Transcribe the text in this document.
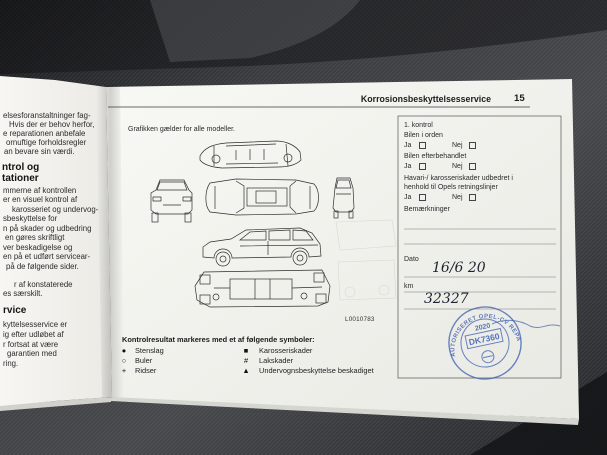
AUTORISERET OPEL-CV REPARATØR
2020
DK7360
elsesforanstaltninger fag-
Hvis der er behov herfor,
e reparationen anbefale
ornuftige forholdsregler
an bevare sin værdi.
ntrol og
tationer
mmerne af kontrollen
er en visuel kontrol af
karosseriet og undervog-
sbeskyttelse for
n på skader og udbedring
en gøres skriftligt
ver beskadigelse og
en på et udført servicear-
på de følgende sider.
r af konstaterede
es særskilt.
rvice
kyttelsesservice er
ig efter udløbet af
r fortsat at være
garantien med
ring.
Korrosionsbeskyttelsesservice 15
Grafikken gælder for alle modeller.
L0010783
1. kontrol
Bilen i orden
Ja	Nej
Bilen efterbehandlet
Ja	Nej
Havari-/ karosseriskader udbedret i
henhold til Opels retningslinjer
Ja	Nej
Bemærkninger
Dato
16/6 20
km
32327
Kontrolresultat markeres med et af følgende symboler:
●	Stenslag
○	Buler
+	Ridser
■	Karosseriskader
#	Lakskader
▲ Undervognsbeskyttelse beskadiget
